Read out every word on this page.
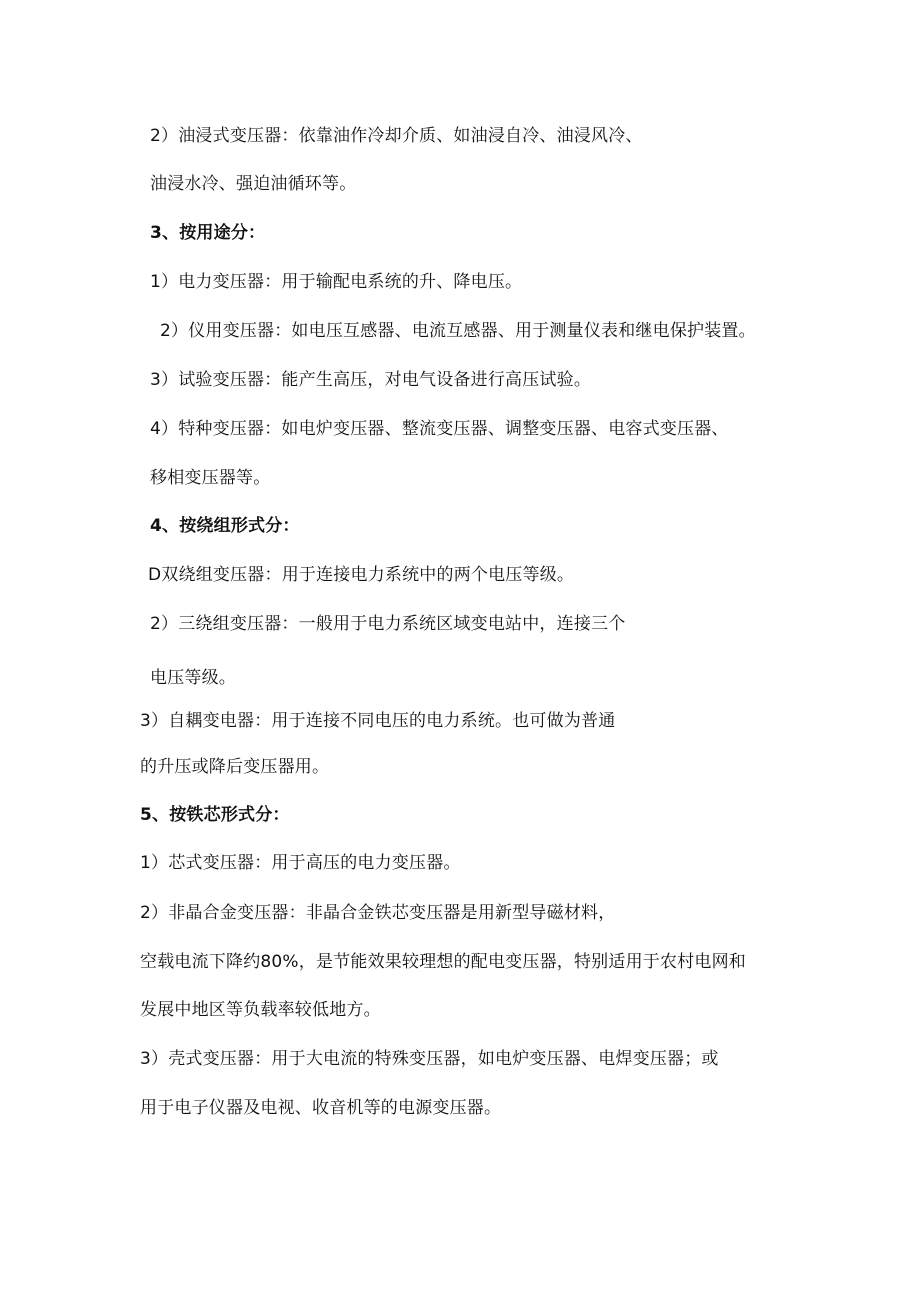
2）油浸式变压器：依靠油作冷却介质、如油浸自冷、油浸风冷、
油浸水冷、强迫油循环等。
3、按用途分：
1）电力变压器：用于输配电系统的升、降电压。
2）仪用变压器：如电压互感器、电流互感器、用于测量仪表和继电保护装置。
3）试验变压器：能产生高压，对电气设备进行高压试验。
4）特种变压器：如电炉变压器、整流变压器、调整变压器、电容式变压器、
移相变压器等。
4、按绕组形式分：
D双绕组变压器：用于连接电力系统中的两个电压等级。
2）三绕组变压器：一般用于电力系统区域变电站中，连接三个
电压等级。
3）自耦变电器：用于连接不同电压的电力系统。也可做为普通
的升压或降后变压器用。
5、按铁芯形式分：
1）芯式变压器：用于高压的电力变压器。
2）非晶合金变压器：非晶合金铁芯变压器是用新型导磁材料，
空载电流下降约80%，是节能效果较理想的配电变压器，特别适用于农村电网和
发展中地区等负载率较低地方。
3）壳式变压器：用于大电流的特殊变压器，如电炉变压器、电焊变压器；或
用于电子仪器及电视、收音机等的电源变压器。
